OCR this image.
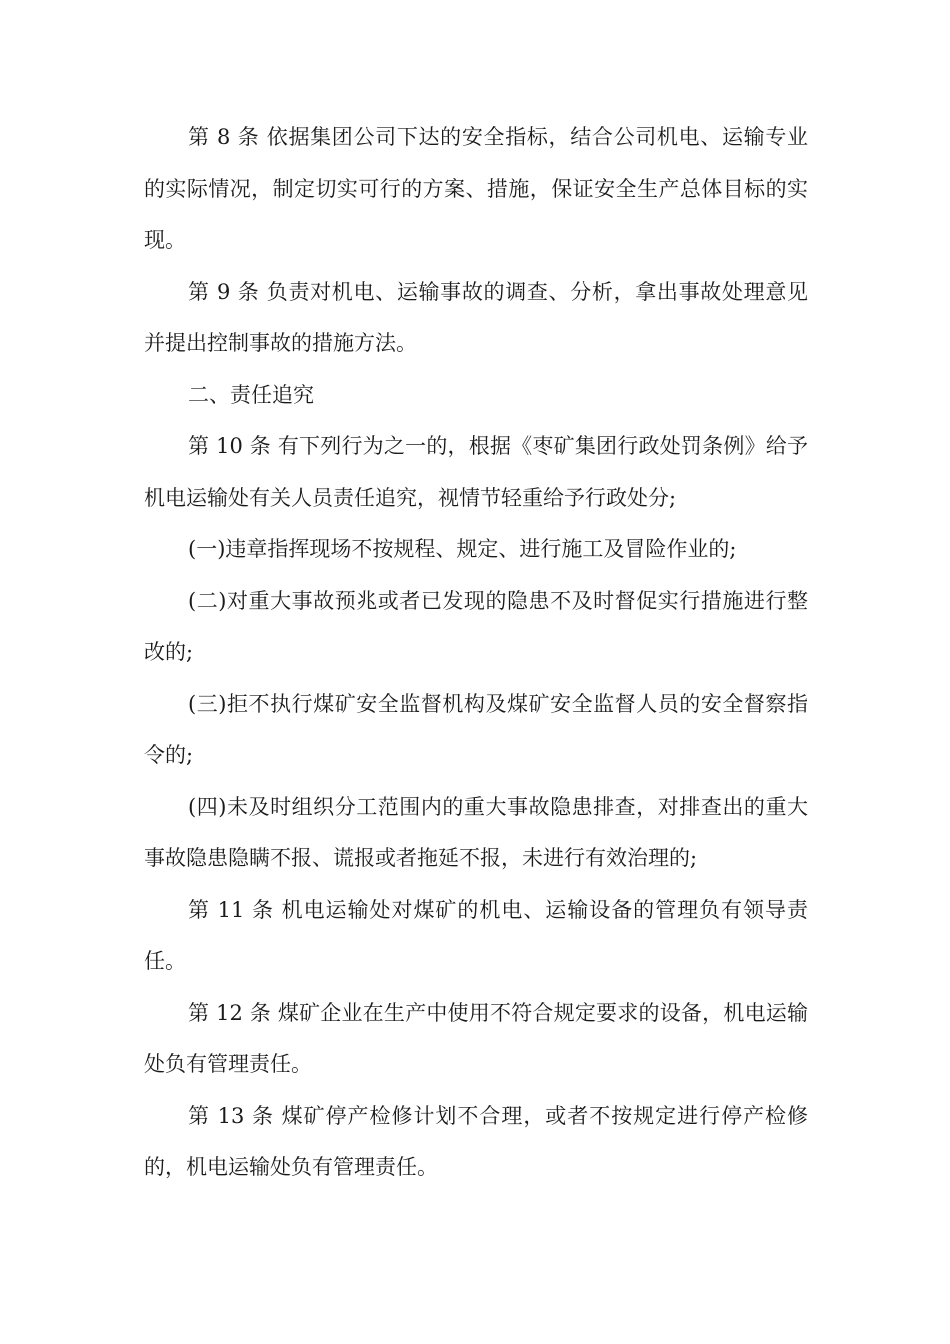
第 8 条 依据集团公司下达的安全指标，结合公司机电、运输专业的实际情况，制定切实可行的方案、措施，保证安全生产总体目标的实现。

第 9 条 负责对机电、运输事故的调查、分析，拿出事故处理意见并提出控制事故的措施方法。

二、责任追究

第 10 条 有下列行为之一的，根据《枣矿集团行政处罚条例》给予机电运输处有关人员责任追究，视情节轻重给予行政处分;

(一)违章指挥现场不按规程、规定、进行施工及冒险作业的;

(二)对重大事故预兆或者已发现的隐患不及时督促实行措施进行整改的;

(三)拒不执行煤矿安全监督机构及煤矿安全监督人员的安全督察指令的;

(四)未及时组织分工范围内的重大事故隐患排查，对排查出的重大事故隐患隐瞒不报、谎报或者拖延不报，未进行有效治理的;

第 11 条 机电运输处对煤矿的机电、运输设备的管理负有领导责任。

第 12 条 煤矿企业在生产中使用不符合规定要求的设备，机电运输处负有管理责任。

第 13 条 煤矿停产检修计划不合理，或者不按规定进行停产检修的，机电运输处负有管理责任。
